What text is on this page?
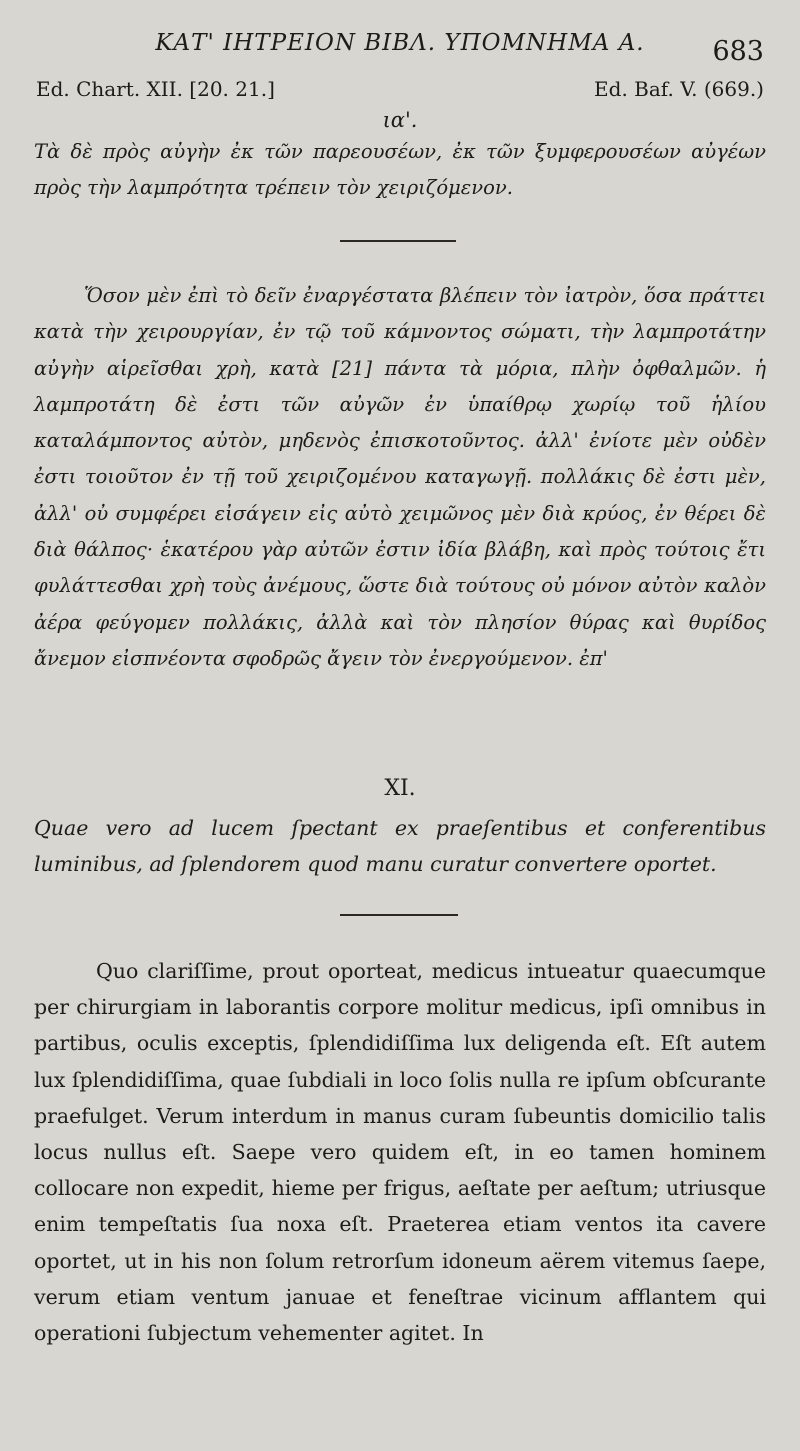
ΚΑΤ' ΙΗΤΡΕΙΟΝ ΒΙΒΛ. ΥΠΟΜΝΗΜΑ Α.	683
Ed. Chart. XII. [20. 21.]	Ed. Baf. V. (669.)
ια'.

Τὰ δὲ πρὸς αὐγὴν ἐκ τῶν παρεουσέων, ἐκ τῶν ξυμφερουσέων αὐγέων πρὸς τὴν λαμπρότητα τρέπειν τὸν χειριζόμενον.

Ὅσον μὲν ἐπὶ τὸ δεῖν ἐναργέστατα βλέπειν τὸν ἰατρὸν, ὅσα πράττει κατὰ τὴν χειρουργίαν, ἐν τῷ τοῦ κάμνοντος σώματι, τὴν λαμπροτάτην αὐγὴν αἱρεῖσθαι χρὴ, κατὰ [21] πάντα τὰ μόρια, πλὴν ὀφθαλμῶν. ἡ λαμπροτάτη δὲ ἐστι τῶν αὐγῶν ἐν ὑπαίθρῳ χωρίῳ τοῦ ἡλίου καταλάμποντος αὐτὸν, μηδενὸς ἐπισκοτοῦντος. ἀλλ' ἐνίοτε μὲν οὐδὲν ἐστι τοιοῦτον ἐν τῇ τοῦ χειριζομένου καταγωγῇ. πολλάκις δὲ ἐστι μὲν, ἀλλ' οὐ συμφέρει εἰσάγειν εἰς αὐτὸ χειμῶνος μὲν διὰ κρύος, ἐν θέρει δὲ διὰ θάλπος· ἑκατέρου γὰρ αὐτῶν ἐστιν ἰδία βλάβη, καὶ πρὸς τούτοις ἔτι φυλάττεσθαι χρὴ τοὺς ἀνέμους, ὥστε διὰ τούτους οὐ μόνον αὐτὸν καλὸν ἀέρα φεύγομεν πολλάκις, ἀλλὰ καὶ τὸν πλησίον θύρας καὶ θυρίδος ἄνεμον εἰσπνέοντα σφοδρῶς ἄγειν τὸν ἐνεργούμενον. ἐπ'

XI.

Quae vero ad lucem ſpectant ex praeſentibus et conferentibus luminibus, ad ſplendorem quod manu curatur convertere oportet.

Quo clariſſime, prout oporteat, medicus intueatur quaecumque per chirurgiam in laborantis corpore molitur medicus, ipſi omnibus in partibus, oculis exceptis, ſplendidiſſima lux deligenda eſt. Eſt autem lux ſplendidiſſima, quae ſubdiali in loco ſolis nulla re ipſum obſcurante praefulget. Verum interdum in manus curam ſubeuntis domicilio talis locus nullus eſt. Saepe vero quidem eſt, in eo tamen hominem collocare non expedit, hieme per frigus, aeſtate per aeſtum; utriusque enim tempeſtatis ſua noxa eſt. Praeterea etiam ventos ita cavere oportet, ut in his non ſolum retrorſum idoneum aërem vitemus ſaepe, verum etiam ventum januae et feneſtrae vicinum afflantem qui operationi ſubjectum vehementer agitet. In
